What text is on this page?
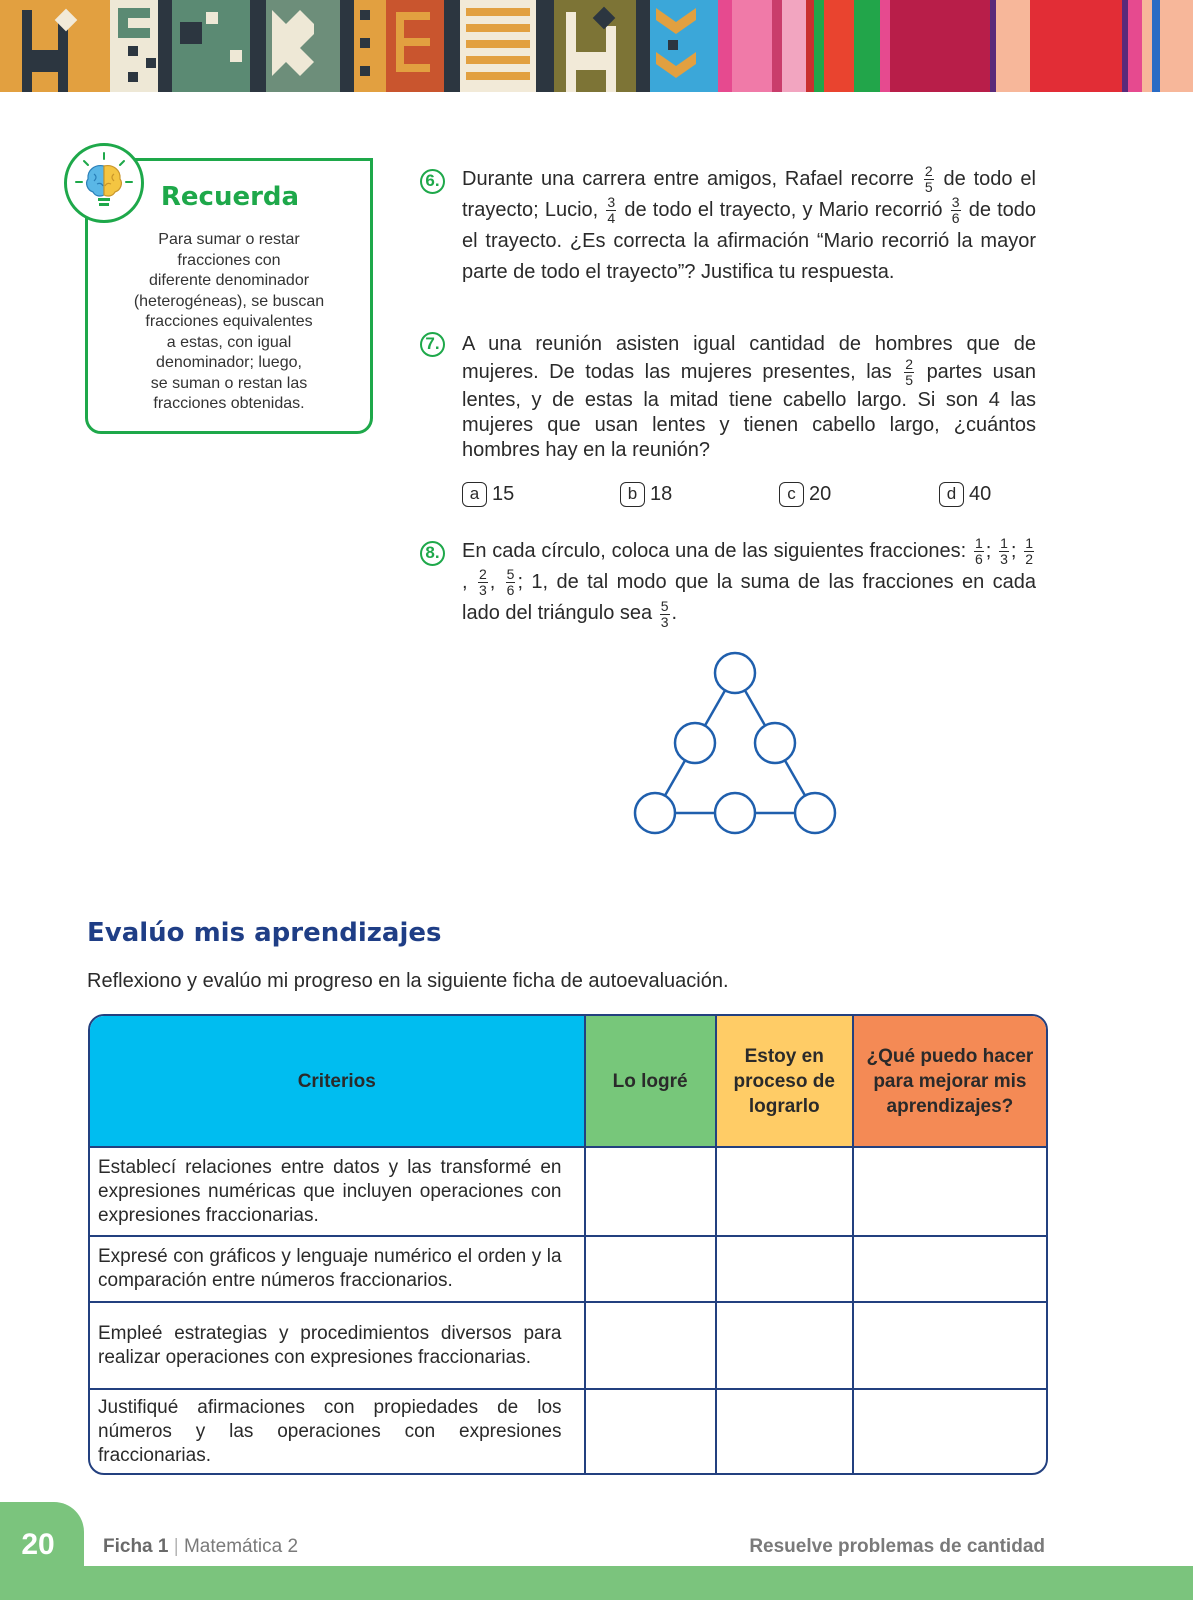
Recuerda
Para sumar o restar
fracciones con
diferente denominador
(heterogéneas), se buscan
fracciones equivalentes
a estas, con igual
denominador; luego,
se suman o restan las
fracciones obtenidas.
6. Durante una carrera entre amigos, Rafael recorre $\frac{2}{5}$ de todo el trayecto; Lucio, $\frac{3}{4}$ de todo el trayecto, y Mario recorrió $\frac{3}{6}$ de todo el trayecto. ¿Es correcta la afirmación “Mario recorrió la mayor parte de todo el trayecto”? Justifica tu respuesta.

7. A una reunión asisten igual cantidad de hombres que de mujeres. De todas las mujeres presentes, las $\frac{2}{5}$ partes usan lentes, y de estas la mitad tiene cabello largo. Si son 4 las mujeres que usan lentes y tienen cabello largo, ¿cuántos hombres hay en la reunión?

a 15	b 18	c 20	d 40
8. En cada círculo, coloca una de las siguientes fracciones: $\frac{1}{6}$ ; $\frac{1}{3}$ ; $\frac{1}{2}$
, $\frac{2}{3}$ , $\frac{5}{6}$ ; 1, de tal modo que la suma de las fracciones en cada lado del triángulo sea $\frac{5}{3}$ .

Evalúo mis aprendizajes
Reflexiono y evalúo mi progreso en la siguiente ficha de autoevaluación.
Criterios	Lo logré	Estoy en proceso de lograrlo	¿Qué puedo hacer para mejorar mis aprendizajes?
Establecí relaciones entre datos y las transformé en expresiones numéricas que incluyen operaciones con expresiones fraccionarias.			
Expresé con gráficos y lenguaje numérico el orden y la comparación entre números fraccionarios.			
Empleé estrategias y procedimientos diversos para realizar operaciones con expresiones fraccionarias.			
Justifiqué afirmaciones con propiedades de los números y las operaciones con expresiones fraccionarias.			
20	Ficha 1 | Matemática 2	Resuelve problemas de cantidad
